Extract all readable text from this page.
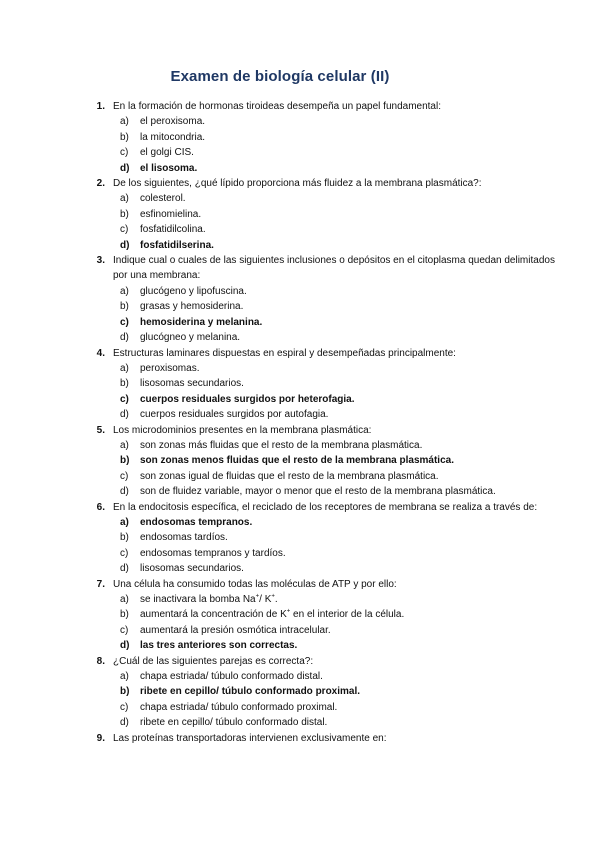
Examen de biología celular (II)
1. En la formación de hormonas tiroideas desempeña un papel fundamental:
a)	el peroxisoma.
b)	la mitocondria.
c)	el golgi CIS.
d)	el lisosoma.
2. De los siguientes, ¿qué lípido proporciona más fluidez a la membrana plasmática?:
a)	colesterol.
b)	esfinomielina.
c)	fosfatidilcolina.
d)	fosfatidilserina.
3. Indique cual o cuales de las siguientes inclusiones o depósitos en el citoplasma quedan delimitados por una membrana:
a)	glucógeno y lipofuscina.
b)	grasas y hemosiderina.
c)	hemosiderina y melanina.
d)	glucógneo y melanina.
4. Estructuras laminares dispuestas en espiral y desempeñadas principalmente:
a)	peroxisomas.
b)	lisosomas secundarios.
c)	cuerpos residuales surgidos por heterofagia.
d)	cuerpos residuales surgidos por autofagia.
5. Los microdominios presentes en la membrana plasmática:
a)	son zonas más fluidas que el resto de la membrana plasmática.
b)	son zonas menos fluidas que el resto de la membrana plasmática.
c)	son zonas igual de fluidas que el resto de la membrana plasmática.
d)	son de fluidez variable, mayor o menor que el resto de la membrana plasmática.
6. En la endocitosis específica, el reciclado de los receptores de membrana se realiza a través de:
a)	endosomas tempranos.
b)	endosomas tardíos.
c)	endosomas tempranos y tardíos.
d)	lisosomas secundarios.
7. Una célula ha consumido todas las moléculas de ATP y por ello:
a)	se inactivara la bomba Na+/ K+.
b)	aumentará la concentración de K+ en el interior de la célula.
c)	aumentará la presión osmótica intracelular.
d)	las tres anteriores son correctas.
8. ¿Cuál de las siguientes parejas es correcta?:
a)	chapa estriada/ túbulo conformado distal.
b)	ribete en cepillo/ túbulo conformado proximal.
c)	chapa estriada/ túbulo conformado proximal.
d)	ribete en cepillo/ túbulo conformado distal.
9. Las proteínas transportadoras intervienen exclusivamente en:
